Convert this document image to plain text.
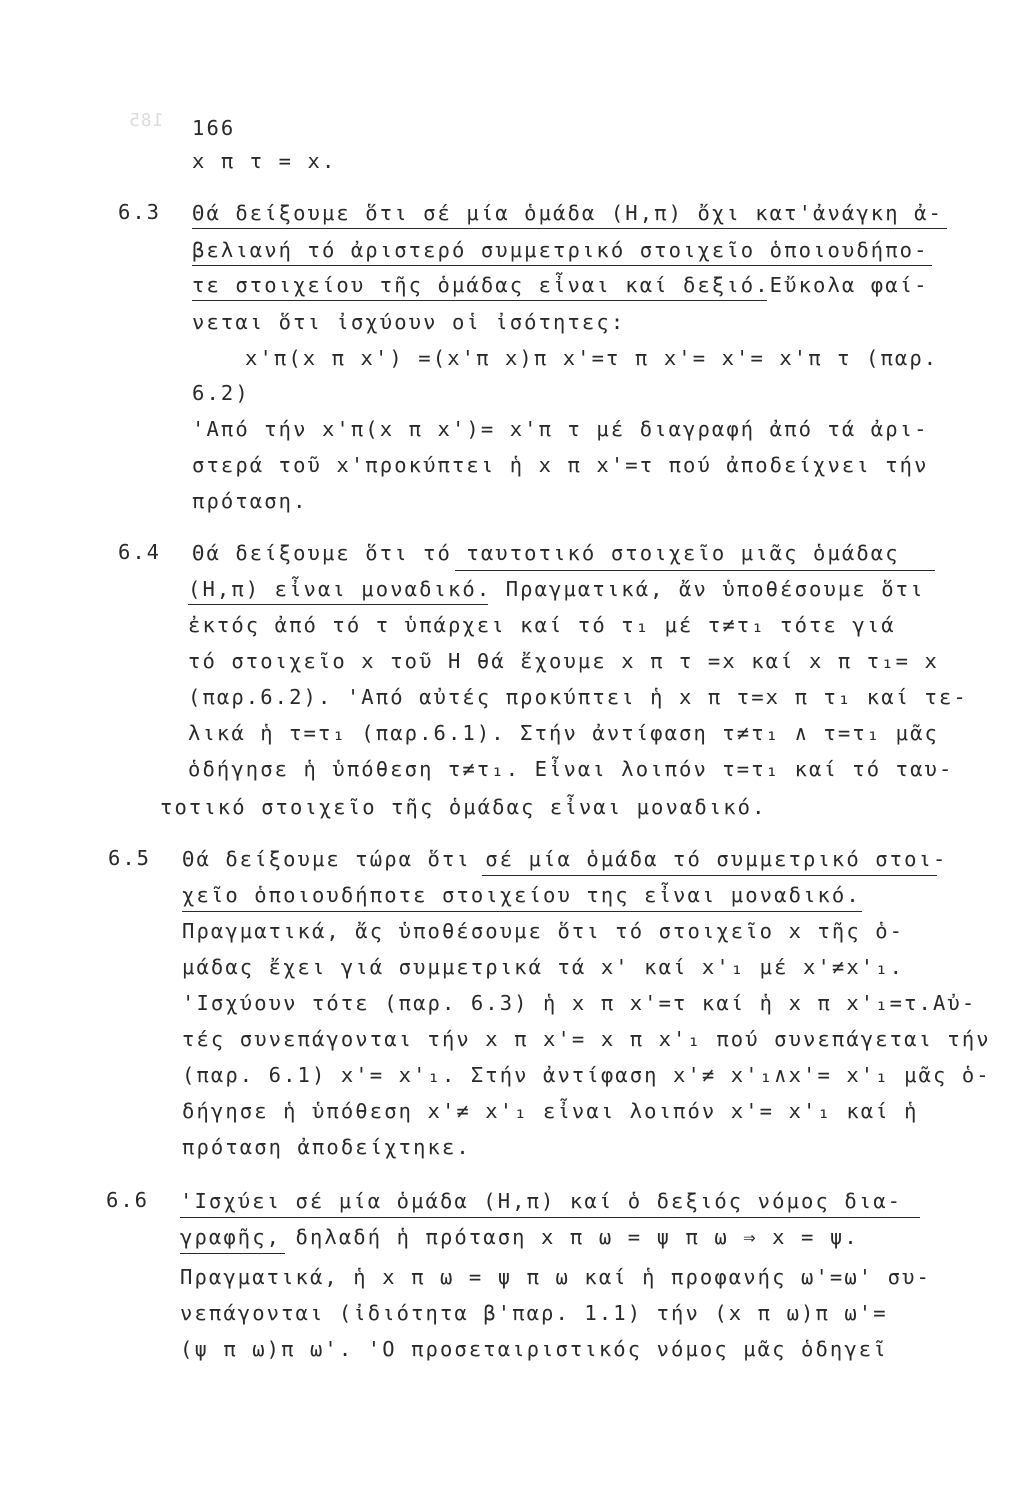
185 166
x π τ = x.
6.3 Θά δείξουμε ὅτι σέ μία ὁμάδα (H,π) ὄχι κατ'ἀνάγκη ἀ-
βελιανή τό ἀριστερό συμμετρικό στοιχεῖο ὁποιουδήπο-
τε στοιχείου τῆς ὁμάδας εἶναι καί δεξιό.Εὔκολα φαί-
νεται ὅτι ἰσχύουν οἱ ἰσότητες:
x'π(x π x') =(x'π x)π x'=τ π x'= x'= x'π τ (παρ.
6.2)
'Από τήν x'π(x π x')= x'π τ μέ διαγραφή ἀπό τά ἀρι-
στερά τοῦ x'προκύπτει ἡ x π x'=τ πού ἀποδείχνει τήν
πρόταση.
6.4 Θά δείξουμε ὅτι τό ταυτοτικό στοιχεῖο μιᾶς ὁμάδας
(H,π) εἶναι μοναδικό. Πραγματικά, ἄν ὑποθέσουμε ὅτι
ἐκτός ἀπό τό τ ὑπάρχει καί τό τ₁ μέ τ≠τ₁ τότε γιά
τό στοιχεῖο x τοῦ H θά ἔχουμε x π τ =x καί x π τ₁= x
(παρ.6.2). 'Από αὐτές προκύπτει ἡ x π τ=x π τ₁ καί τε-
λικά ἡ τ=τ₁ (παρ.6.1). Στήν ἀντίφαση τ≠τ₁ ∧ τ=τ₁ μᾶς
ὁδήγησε ἡ ὑπόθεση τ≠τ₁. Εἶναι λοιπόν τ=τ₁ καί τό ταυ-
τοτικό στοιχεῖο τῆς ὁμάδας εἶναι μοναδικό.
6.5 Θά δείξουμε τώρα ὅτι σέ μία ὁμάδα τό συμμετρικό στοι-
χεῖο ὁποιουδήποτε στοιχείου της εἶναι μοναδικό.
Πραγματικά, ἄς ὑποθέσουμε ὅτι τό στοιχεῖο x τῆς ὁ-
μάδας ἔχει γιά συμμετρικά τά x' καί x'₁ μέ x'≠x'₁.
'Ισχύουν τότε (παρ. 6.3) ἡ x π x'=τ καί ἡ x π x'₁=τ.Αὐ-
τές συνεπάγονται τήν x π x'= x π x'₁ πού συνεπάγεται τήν
(παρ. 6.1) x'= x'₁. Στήν ἀντίφαση x'≠ x'₁∧x'= x'₁ μᾶς ὁ-
δήγησε ἡ ὑπόθεση x'≠ x'₁ εἶναι λοιπόν x'= x'₁ καί ἡ
πρόταση ἀποδείχτηκε.
6.6 'Ισχύει σέ μία ὁμάδα (H,π) καί ὁ δεξιός νόμος δια-
γραφῆς, δηλαδή ἡ πρόταση x π ω = ψ π ω ⇒ x = ψ.
Πραγματικά, ἡ x π ω = ψ π ω καί ἡ προφανής ω'=ω' συ-
νεπάγονται (ἰδιότητα β'παρ. 1.1) τήν (x π ω)π ω'=
(ψ π ω)π ω'. 'Ο προσεταιριστικός νόμος μᾶς ὁδηγεῖ
